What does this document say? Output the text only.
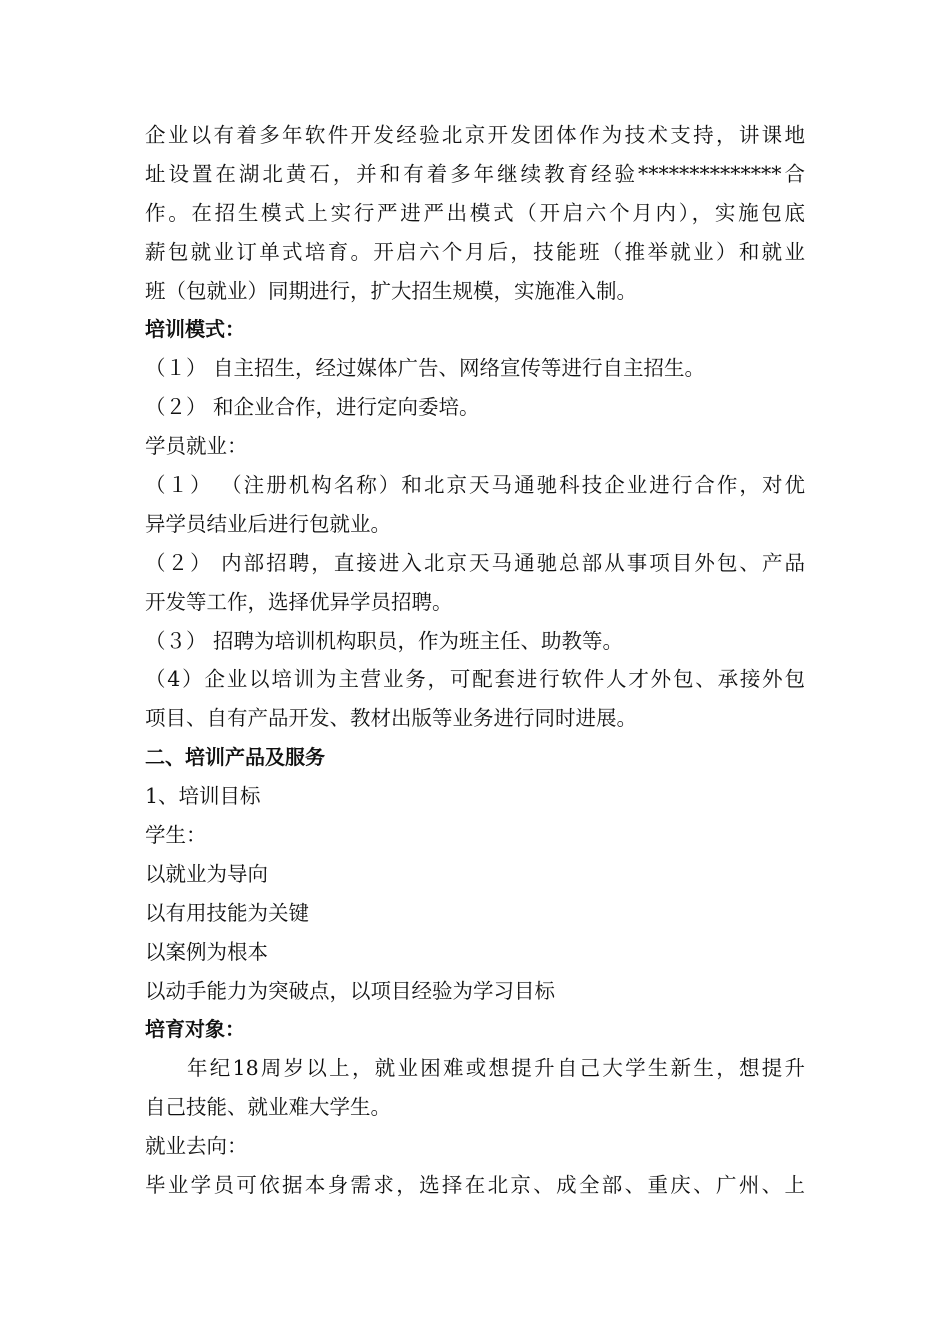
企业以有着多年软件开发经验北京开发团体作为技术支持，讲课地
址设置在湖北黄石，并和有着多年继续教育经验**************合
作。在招生模式上实行严进严出模式（开启六个月内），实施包底
薪包就业订单式培育。开启六个月后，技能班（推举就业）和就业
班（包就业）同期进行，扩大招生规模，实施准入制。
培训模式：
（１） 自主招生，经过媒体广告、网络宣传等进行自主招生。
（２） 和企业合作，进行定向委培。
学员就业：
（１） （注册机构名称）和北京天马通驰科技企业进行合作，对优
异学员结业后进行包就业。
（２） 内部招聘，直接进入北京天马通驰总部从事项目外包、产品
开发等工作，选择优异学员招聘。
（３） 招聘为培训机构职员，作为班主任、助教等。
（4）企业以培训为主营业务，可配套进行软件人才外包、承接外包
项目、自有产品开发、教材出版等业务进行同时进展。
二、培训产品及服务
1、培训目标
学生：
以就业为导向
以有用技能为关键
以案例为根本
以动手能力为突破点，以项目经验为学习目标
培育对象：
年纪18周岁以上，就业困难或想提升自己大学生新生，想提升
自己技能、就业难大学生。
就业去向：
毕业学员可依据本身需求，选择在北京、成全部、重庆、广州、上
